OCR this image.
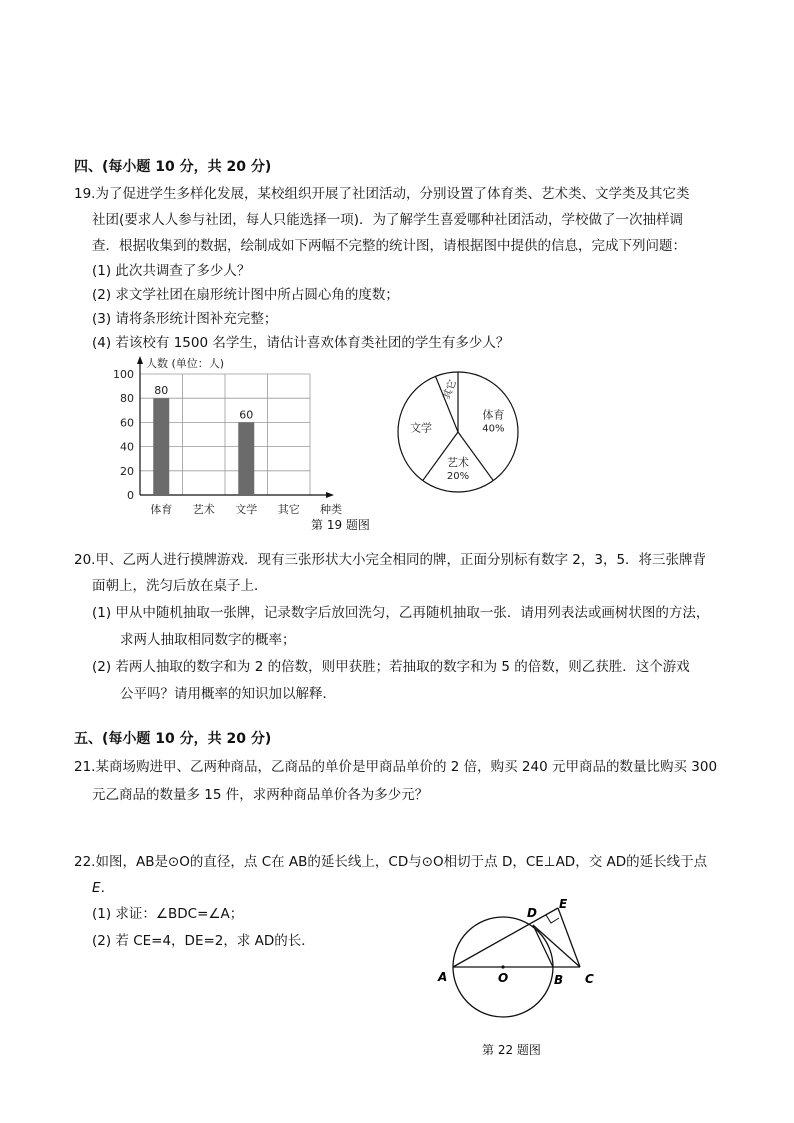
四、(每小题 10 分，共 20 分)
19.为了促进学生多样化发展，某校组织开展了社团活动，分别设置了体育类、艺术类、文学类及其它类
社团(要求人人参与社团，每人只能选择一项)．为了解学生喜爱哪种社团活动，学校做了一次抽样调
查．根据收集到的数据，绘制成如下两幅不完整的统计图，请根据图中提供的信息，完成下列问题：
(1) 此次共调查了多少人？
(2) 求文学社团在扇形统计图中所占圆心角的度数；
(3) 请将条形统计图补充完整；
(4) 若该校有 1500 名学生，请估计喜欢体育类社团的学生有多少人？
0
20
40
60
80
100
人数 (单位：人)
种类
80
体育 艺术
60
文学 其它
体育
40%
艺术
20%
文学
其它
第 19 题图
20.甲、乙两人进行摸牌游戏．现有三张形状大小完全相同的牌，正面分别标有数字 2，3，5．将三张牌背
面朝上，洗匀后放在桌子上．
(1) 甲从中随机抽取一张牌，记录数字后放回洗匀，乙再随机抽取一张．请用列表法或画树状图的方法，
求两人抽取相同数字的概率；
(2) 若两人抽取的数字和为 2 的倍数，则甲获胜；若抽取的数字和为 5 的倍数，则乙获胜．这个游戏
公平吗？请用概率的知识加以解释．
五、(每小题 10 分，共 20 分)
21.某商场购进甲、乙两种商品，乙商品的单价是甲商品单价的 2 倍，购买 240 元甲商品的数量比购买 300
元乙商品的数量多 15 件，求两种商品单价各为多少元？
22.如图，AB是⊙O的直径，点 C在 AB的延长线上，CD与⊙O相切于点 D，CE⊥AD，交 AD的延长线于点
E．
(1) 求证：∠BDC=∠A；
(2) 若 CE=4，DE=2，求 AD的长．
A	O	B C
D
E
第 22 题图
